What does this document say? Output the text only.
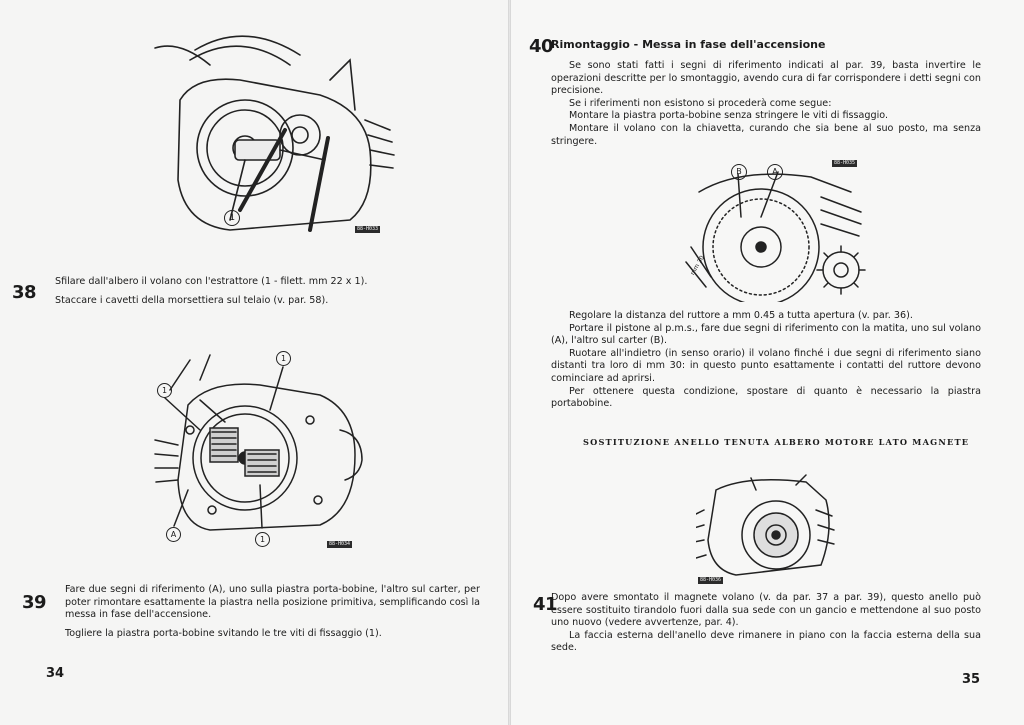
1
88-H033
38

Sfilare dall'albero il volano con l'estrattore (1 - filett. mm 22 x 1).

Staccare i cavetti della morsettiera sul telaio (v. par. 58).

1
1
1
A
88-H034
39

Fare due segni di riferimento (A), uno sulla piastra porta-bobine, l'altro sul carter, per poter rimontare esattamente la piastra nella posizione primitiva, semplificando così la messa in fase dell'accensione.

Togliere la piastra porta-bobine svitando le tre viti di fissaggio (1).

34
40
Rimontaggio - Messa in fase dell'accensione

Se sono stati fatti i segni di riferimento indicati al par. 39, basta invertire le operazioni descritte per lo smontaggio, avendo cura di far corrispondere i detti segni con precisione.

Se i riferimenti non esistono si procederà come segue:

Montare la piastra porta-bobine senza stringere le viti di fissaggio.

Montare il volano con la chiavetta, curando che sia bene al suo posto, ma senza stringere.

B	A
88-H035
mm 30

Regolare la distanza del ruttore a mm 0.45 a tutta apertura (v. par. 36).

Portare il pistone al p.m.s., fare due segni di riferimento con la matita, uno sul volano (A), l'altro sul carter (B).

Ruotare all'indietro (in senso orario) il volano finché i due segni di riferimento siano distanti tra loro di mm 30: in questo punto esattamente i contatti del ruttore devono cominciare ad aprirsi.

Per ottenere questa condizione, spostare di quanto è necessario la piastra portabobine.

SOSTITUZIONE ANELLO TENUTA ALBERO MOTORE LATO MAGNETE
88-H036
41

Dopo avere smontato il magnete volano (v. da par. 37 a par. 39), questo anello può essere sostituito tirandolo fuori dalla sua sede con un gancio e mettendone al suo posto uno nuovo (vedere avvertenze, par. 4).

La faccia esterna dell'anello deve rimanere in piano con la faccia esterna della sua sede.

35
